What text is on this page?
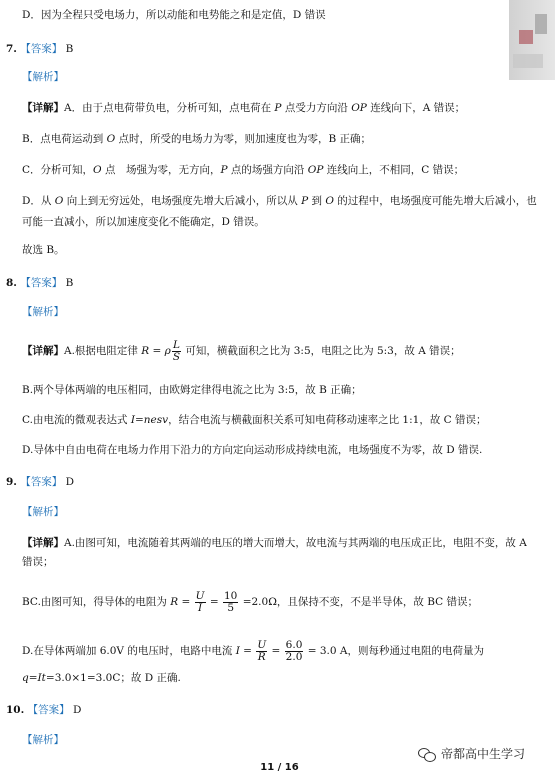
D．因为全程只受电场力，所以动能和电势能之和是定值，D 错误
7. 【答案】 B
【解析】
【详解】A．由于点电荷带负电，分析可知，点电荷在 P 点受力方向沿 OP 连线向下，A 错误；
B．点电荷运动到 O 点时，所受的电场力为零，则加速度也为零，B 正确；
C．分析可知，O 点　场强为零，无方向，P 点的场强方向沿 OP 连线向上，不相同，C 错误；
D．从 O 向上到无穷远处，电场强度先增大后减小，所以从 P 到 O 的过程中，电场强度可能先增大后减小，也
可能一直减小，所以加速度变化不能确定，D 错误。
故选 B。
8. 【答案】 B
【解析】
【详解】A.根据电阻定律 R = ρ $\frac{L}{S}$ 可知，横截面积之比为 3:5，电阻之比为 5:3，故 A 错误；
B.两个导体两端的电压相同，由欧姆定律得电流之比为 3:5，故 B 正确；
C.由电流的微观表达式 I=nesv，结合电流与横截面积关系可知电荷移动速率之比 1:1，故 C 错误；
D.导体中自由电荷在电场力作用下沿力的方向定向运动形成持续电流，电场强度不为零，故 D 错误.
9. 【答案】 D
【解析】
【详解】A.由图可知，电流随着其两端的电压的增大而增大，故电流与其两端的电压成正比，电阻不变，故 A
错误；
BC.由图可知，得导体的电阻为 $R = \frac{U}{I} = \frac{10}{5} =2.0\Omega$，且保持不变，不是半导体，故 BC 错误；
D.在导体两端加 6.0V 的电压时，电路中电流 $I = \frac{U}{R} = \frac{6.0}{2.0} = 3.0$ A，则每秒通过电阻的电荷量为
q=It=3.0×1=3.0C；故 D 正确.
10. 【答案】 D
【解析】
帝都高中生学习
11 / 16
